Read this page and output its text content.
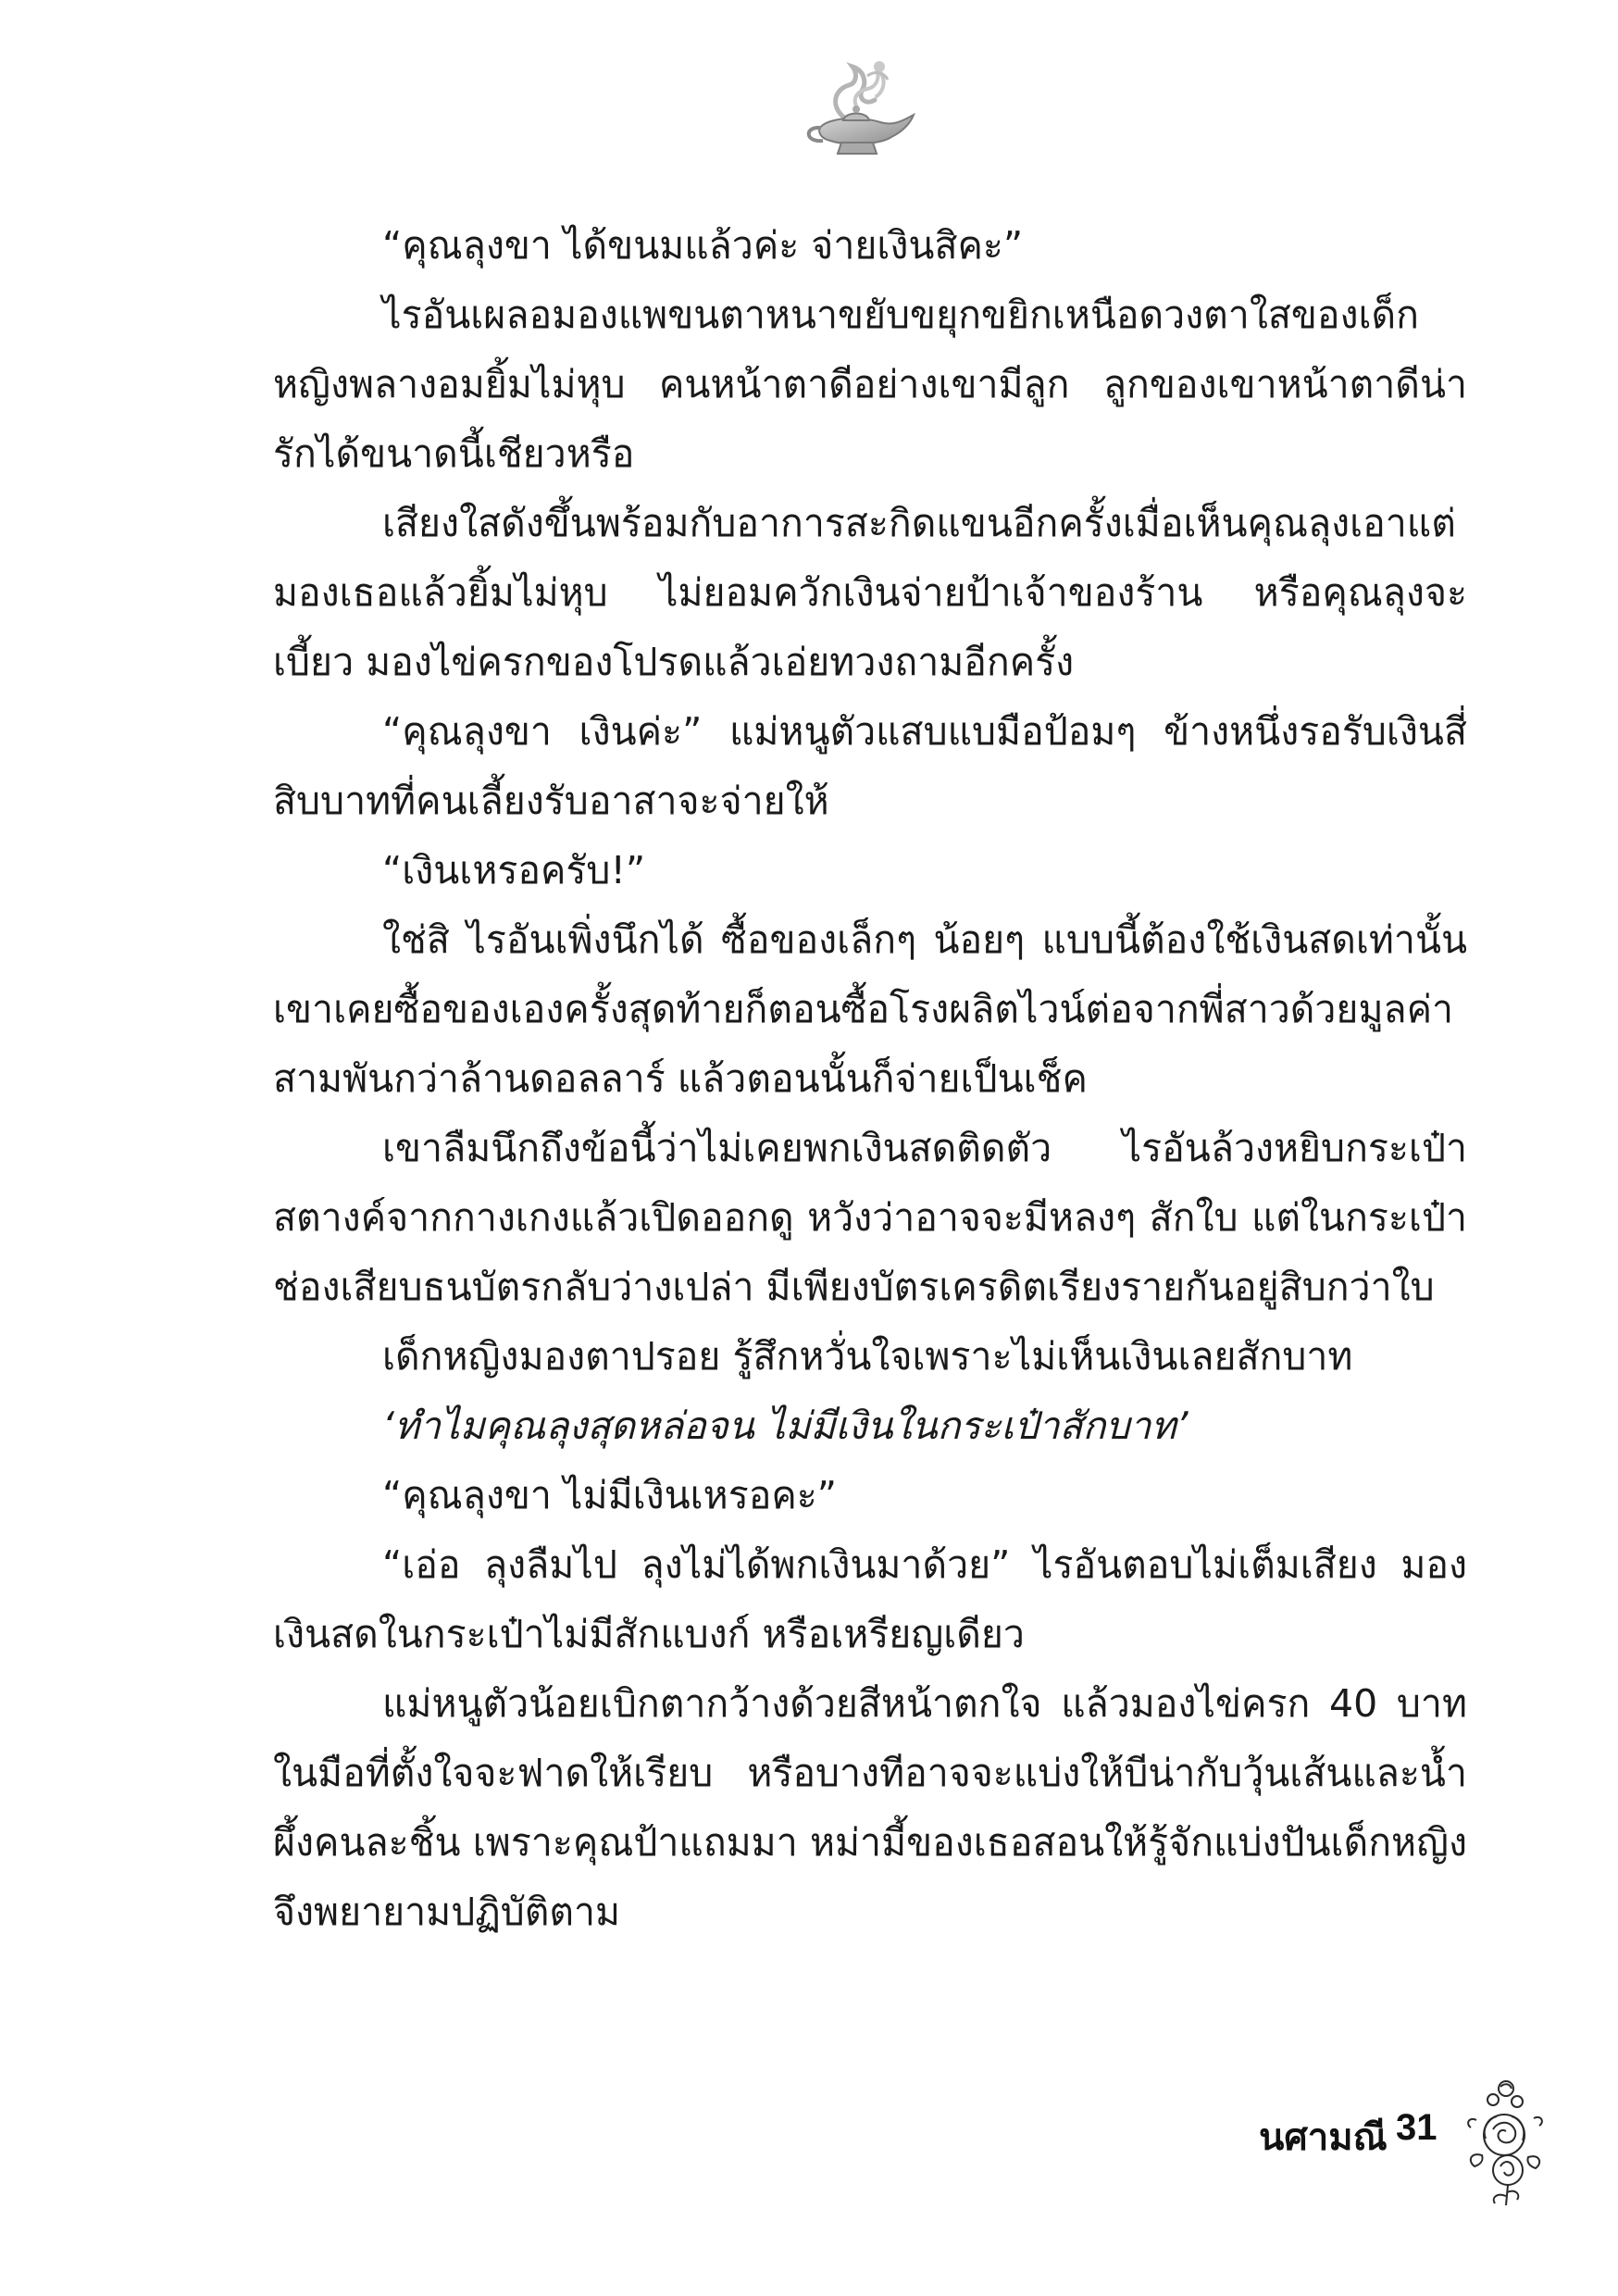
“คุณลุงขา ได้ขนมแล้วค่ะ จ่ายเงินสิคะ”

ไรอันเผลอมองแพขนตาหนาขยับขยุกขยิกเหนือดวงตาใสของเด็กหญิงพลางอมยิ้มไม่หุบ คนหน้าตาดีอย่างเขามีลูก ลูกของเขาหน้าตาดีน่ารักได้ขนาดนี้เชียวหรือ

เสียงใสดังขึ้นพร้อมกับอาการสะกิดแขนอีกครั้งเมื่อเห็นคุณลุงเอาแต่มองเธอแล้วยิ้มไม่หุบ ไม่ยอมควักเงินจ่ายป้าเจ้าของร้าน หรือคุณลุงจะเบี้ยว มองไข่ครกของโปรดแล้วเอ่ยทวงถามอีกครั้ง

“คุณลุงขา เงินค่ะ” แม่หนูตัวแสบแบมือป้อมๆ ข้างหนึ่งรอรับเงินสี่สิบบาทที่คนเลี้ยงรับอาสาจะจ่ายให้

“เงินเหรอครับ!”

ใช่สิ ไรอันเพิ่งนึกได้ ซื้อของเล็กๆ น้อยๆ แบบนี้ต้องใช้เงินสดเท่านั้น เขาเคยซื้อของเองครั้งสุดท้ายก็ตอนซื้อโรงผลิตไวน์ต่อจากพี่สาวด้วยมูลค่าสามพันกว่าล้านดอลลาร์ แล้วตอนนั้นก็จ่ายเป็นเช็ค

เขาลืมนึกถึงข้อนี้ว่าไม่เคยพกเงินสดติดตัว ไรอันล้วงหยิบกระเป๋าสตางค์จากกางเกงแล้วเปิดออกดู หวังว่าอาจจะมีหลงๆ สักใบ แต่ในกระเป๋าช่องเสียบธนบัตรกลับว่างเปล่า มีเพียงบัตรเครดิตเรียงรายกันอยู่สิบกว่าใบ

เด็กหญิงมองตาปรอย รู้สึกหวั่นใจเพราะไม่เห็นเงินเลยสักบาท

‘ทำไมคุณลุงสุดหล่อจน ไม่มีเงินในกระเป๋าสักบาท’

“คุณลุงขา ไม่มีเงินเหรอคะ”

“เอ่อ ลุงลืมไป ลุงไม่ได้พกเงินมาด้วย” ไรอันตอบไม่เต็มเสียง มองเงินสดในกระเป๋าไม่มีสักแบงก์ หรือเหรียญเดียว

แม่หนูตัวน้อยเบิกตากว้างด้วยสีหน้าตกใจ แล้วมองไข่ครก 40 บาทในมือที่ตั้งใจจะฟาดให้เรียบ หรือบางทีอาจจะแบ่งให้บีน่ากับวุ้นเส้นและน้ำผึ้งคนละชิ้น เพราะคุณป้าแถมมา หม่ามี้ของเธอสอนให้รู้จักแบ่งปันเด็กหญิงจึงพยายามปฏิบัติตาม

นศามณี 31
